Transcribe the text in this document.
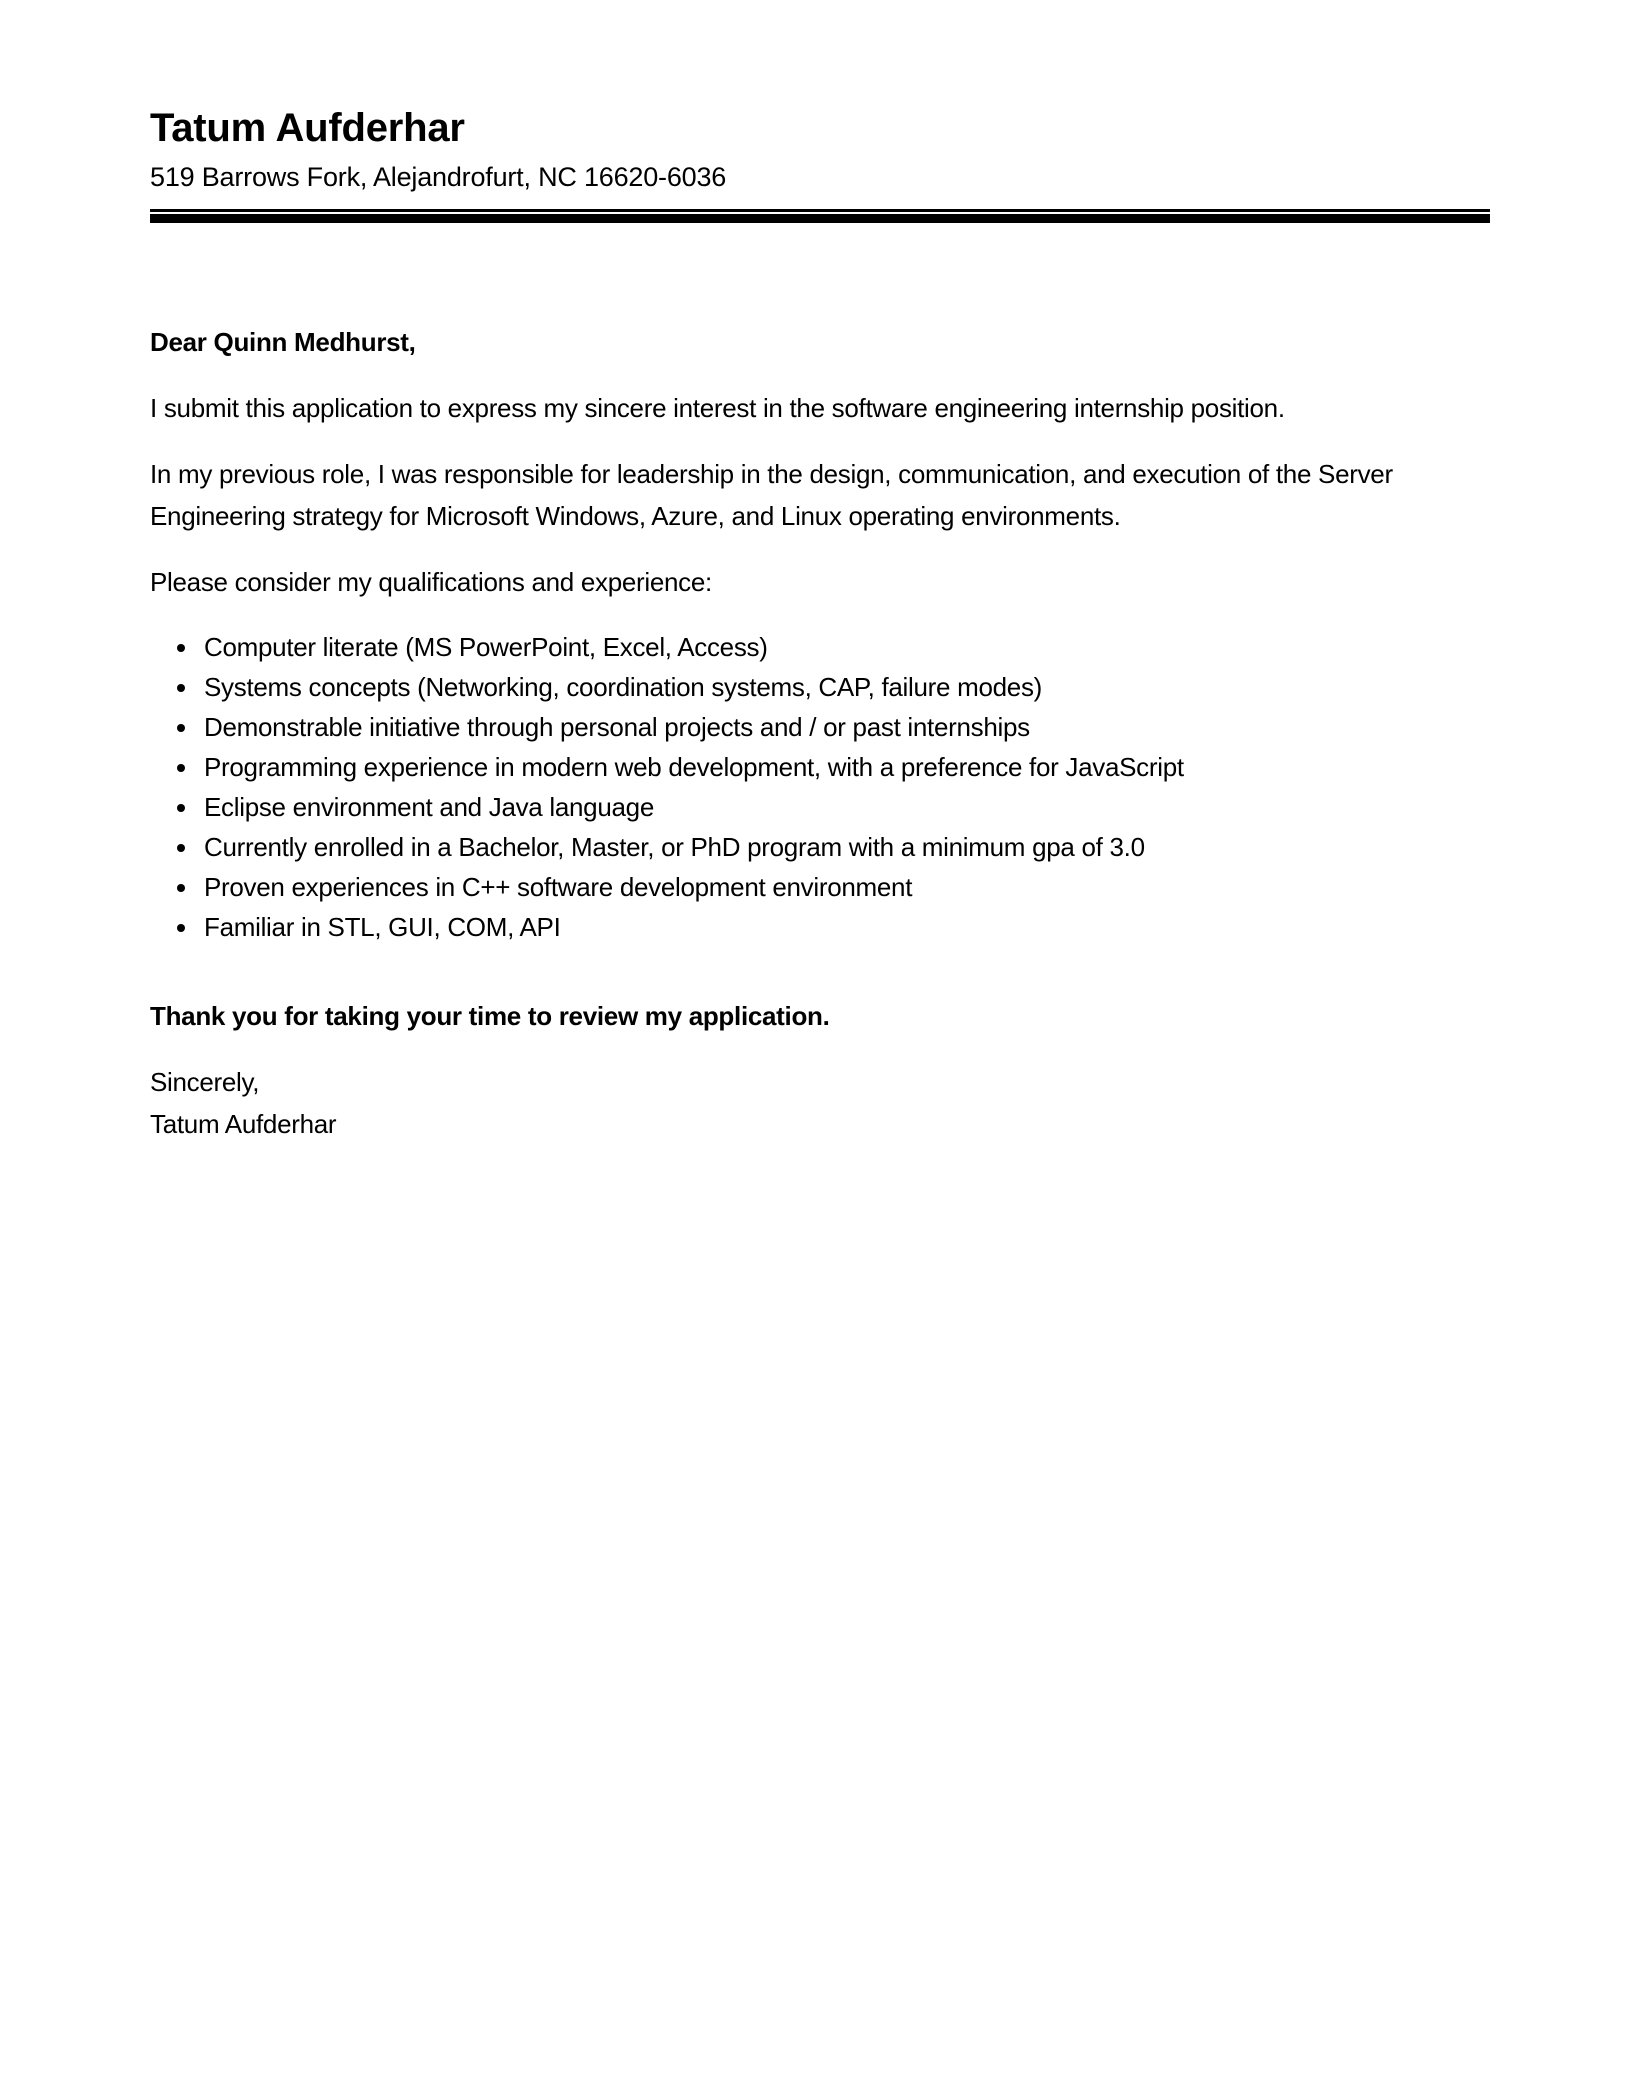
Tatum Aufderhar
519 Barrows Fork, Alejandrofurt, NC 16620-6036

Dear Quinn Medhurst,

I submit this application to express my sincere interest in the software engineering internship position.

In my previous role, I was responsible for leadership in the design, communication, and execution of the Server Engineering strategy for Microsoft Windows, Azure, and Linux operating environments.

Please consider my qualifications and experience:

• Computer literate (MS PowerPoint, Excel, Access)
• Systems concepts (Networking, coordination systems, CAP, failure modes)
• Demonstrable initiative through personal projects and / or past internships
• Programming experience in modern web development, with a preference for JavaScript
• Eclipse environment and Java language
• Currently enrolled in a Bachelor, Master, or PhD program with a minimum gpa of 3.0
• Proven experiences in C++ software development environment
• Familiar in STL, GUI, COM, API

Thank you for taking your time to review my application.

Sincerely,
Tatum Aufderhar
